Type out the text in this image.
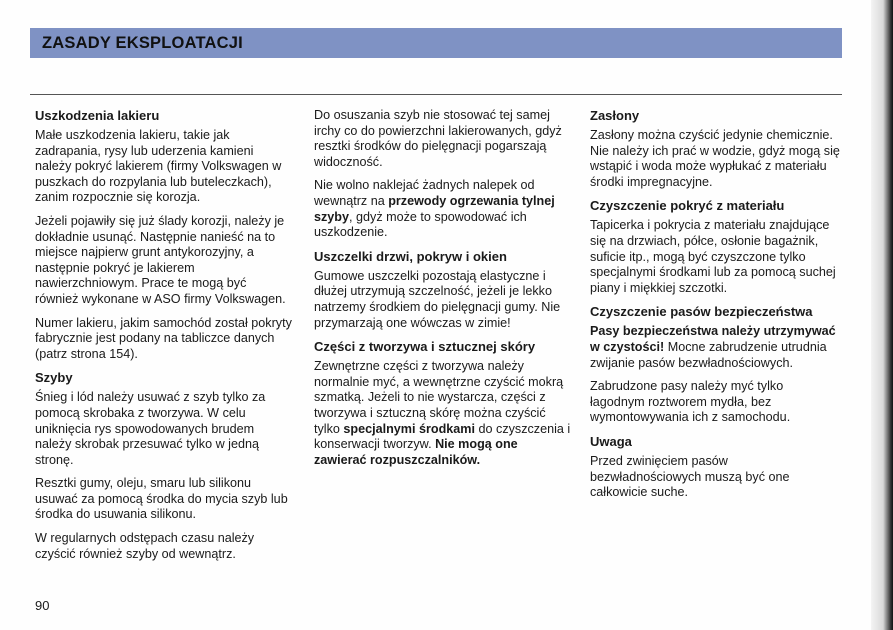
ZASADY EKSPLOATACJI
Uszkodzenia lakieru

Małe uszkodzenia lakieru, takie jak zadrapania, rysy lub uderzenia kamieni należy pokryć lakierem (firmy Volkswagen w puszkach do rozpylania lub buteleczkach), zanim rozpocznie się korozja.

Jeżeli pojawiły się już ślady korozji, należy je dokładnie usunąć. Następnie nanieść na to miejsce najpierw grunt antykorozyjny, a następnie pokryć je lakierem nawierzchniowym. Prace te mogą być również wykonane w ASO firmy Volkswagen.

Numer lakieru, jakim samochód został pokryty fabrycznie jest podany na tabliczce danych (patrz strona 154).

Szyby

Śnieg i lód należy usuwać z szyb tylko za pomocą skrobaka z tworzywa. W celu uniknięcia rys spowodowanych brudem należy skrobak przesuwać tylko w jedną stronę.

Resztki gumy, oleju, smaru lub silikonu usuwać za pomocą środka do mycia szyb lub środka do usuwania silikonu.

W regularnych odstępach czasu należy czyścić również szyby od wewnątrz.

Do osuszania szyb nie stosować tej samej irchy co do powierzchni lakierowanych, gdyż resztki środków do pielęgnacji pogarszają widoczność.

Nie wolno naklejać żadnych nalepek od wewnątrz na przewody ogrzewania tylnej szyby, gdyż może to spowodować ich uszkodzenie.

Uszczelki drzwi, pokryw i okien

Gumowe uszczelki pozostają elastyczne i dłużej utrzymują szczelność, jeżeli je lekko natrzemy środkiem do pielęgnacji gumy. Nie przymarzają one wówczas w zimie!

Części z tworzywa i sztucznej skóry

Zewnętrzne części z tworzywa należy normalnie myć, a wewnętrzne czyścić mokrą szmatką. Jeżeli to nie wystarcza, części z tworzywa i sztuczną skórę można czyścić tylko specjalnymi środkami do czyszczenia i konserwacji tworzyw. Nie mogą one zawierać rozpuszczalników.

Zasłony

Zasłony można czyścić jedynie chemicznie. Nie należy ich prać w wodzie, gdyż mogą się wstąpić i woda może wypłukać z materiału środki impregnacyjne.

Czyszczenie pokryć z materiału

Tapicerka i pokrycia z materiału znajdujące się na drzwiach, półce, osłonie bagażnik, suficie itp., mogą być czyszczone tylko specjalnymi środkami lub za pomocą suchej piany i miękkiej szczotki.

Czyszczenie pasów bezpieczeństwa

Pasy bezpieczeństwa należy utrzymywać w czystości! Mocne zabrudzenie utrudnia zwijanie pasów bezwładnościowych.

Zabrudzone pasy należy myć tylko łagodnym roztworem mydła, bez wymontowywania ich z samochodu.

Uwaga

Przed zwinięciem pasów bezwładnościowych muszą być one całkowicie suche.

90
